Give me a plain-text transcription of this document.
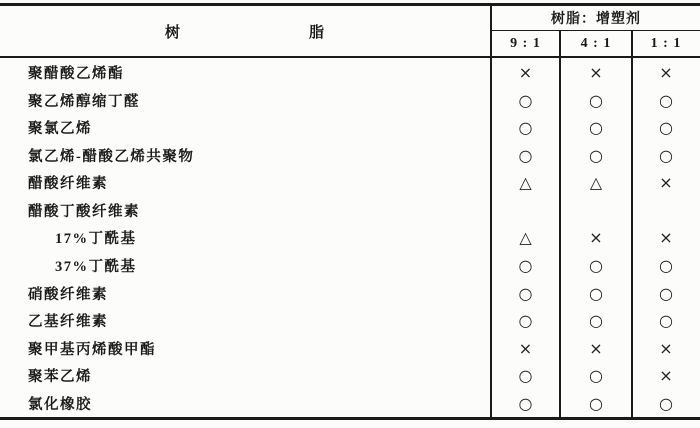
树	脂
树脂：增塑剂
9 : 1	4 : 1	1 : 1
聚醋酸乙烯酯	×	×	×
聚乙烯醇缩丁醛	○	○	○
聚氯乙烯	○	○	○
氯乙烯-醋酸乙烯共聚物	○	○	○
醋酸纤维素	△	△	×
醋酸丁酸纤维素
17%丁酰基	△	×	×
37%丁酰基	○	○	○
硝酸纤维素	○	○	○
乙基纤维素	○	○	○
聚甲基丙烯酸甲酯	×	×	×
聚苯乙烯	○	○	×
氯化橡胶	○	○	○
